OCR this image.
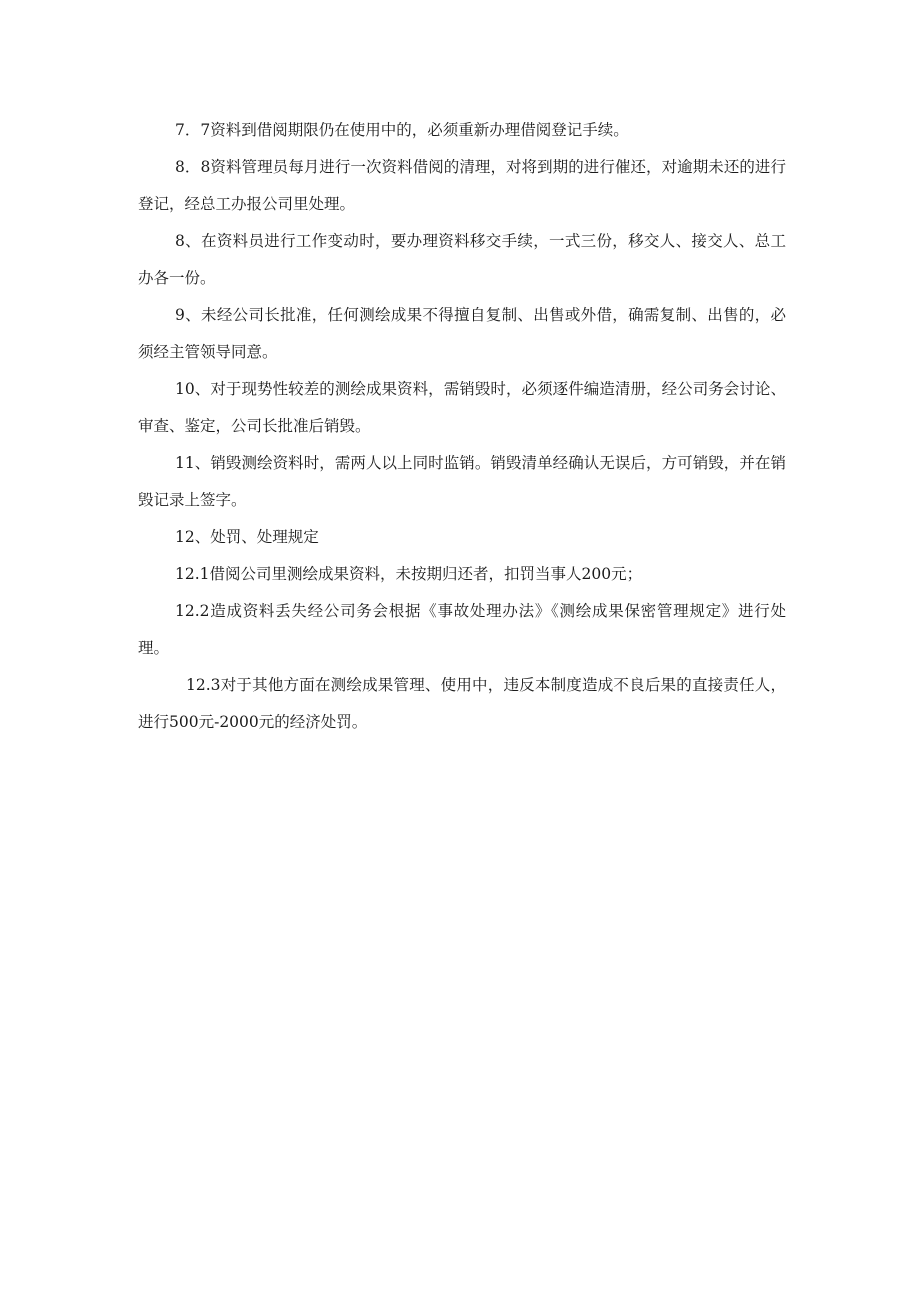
7．7资料到借阅期限仍在使用中的，必须重新办理借阅登记手续。

8．8资料管理员每月进行一次资料借阅的清理，对将到期的进行催还，对逾期未还的进行登记，经总工办报公司里处理。

8、在资料员进行工作变动时，要办理资料移交手续，一式三份，移交人、接交人、总工办各一份。

9、未经公司长批准，任何测绘成果不得擅自复制、出售或外借，确需复制、出售的，必须经主管领导同意。

10、对于现势性较差的测绘成果资料，需销毁时，必须逐件编造清册，经公司务会讨论、审查、鉴定，公司长批准后销毁。

11、销毁测绘资料时，需两人以上同时监销。销毁清单经确认无误后，方可销毁，并在销毁记录上签字。

12、处罚、处理规定

12.1借阅公司里测绘成果资料，未按期归还者，扣罚当事人200元；

12.2造成资料丢失经公司务会根据《事故处理办法》《测绘成果保密管理规定》进行处理。

12.3对于其他方面在测绘成果管理、使用中，违反本制度造成不良后果的直接责任人，进行500元-2000元的经济处罚。
